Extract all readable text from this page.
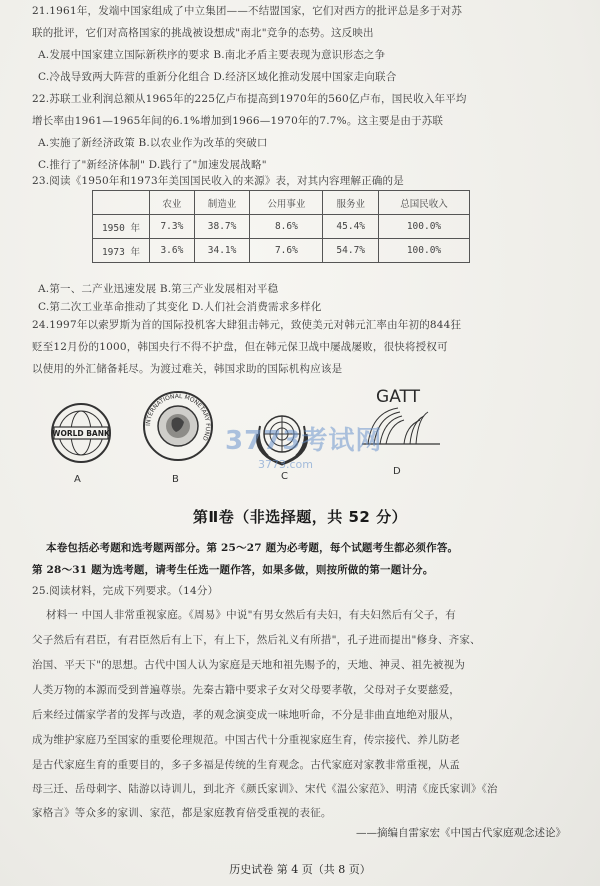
21.1961年，发端中国家组成了中立集团——不结盟国家，它们对西方的批评总是多于对苏
联的批评，它们对高格国家的挑战被设想成"南北"竞争的态势。这反映出
A.发展中国家建立国际新秩序的要求 B.南北矛盾主要表现为意识形态之争
C.冷战导致两大阵营的重新分化组合 D.经济区域化推动发展中国家走向联合
22.苏联工业利润总额从1965年的225亿卢布提高到1970年的560亿卢布，国民收入年平均
增长率由1961—1965年间的6.1%增加到1966—1970年的7.7%。这主要是由于苏联
A.实施了新经济政策 B.以农业作为改革的突破口
C.推行了"新经济体制" D.践行了"加速发展战略"
23.阅读《1950年和1973年美国国民收入的来源》表，对其内容理解正确的是
	农业	制造业	公用事业	服务业	总国民收入
1950 年	7.3%	38.7%	8.6%	45.4%	100.0%
1973 年	3.6%	34.1%	7.6%	54.7%	100.0%
A.第一、二产业迅速发展 B.第三产业发展相对平稳
C.第二次工业革命推动了其变化 D.人们社会消费需求多样化
24.1997年以索罗斯为首的国际投机客大肆狙击韩元，致使美元对韩元汇率由年初的844狂
贬至12月份的1000，韩国央行不得不护盘，但在韩元保卫战中屡战屡败，很快将授权可
以使用的外汇储备耗尽。为渡过难关，韩国求助的国际机构应该是
WORLD BANK
A
INTERNATIONAL MONETARY FUND
B	C
GATT
D
3773考试网
3773.com
第Ⅱ卷（非选择题，共 52 分）
本卷包括必考题和选考题两部分。第 25～27 题为必考题，每个试题考生都必须作答。
第 28～31 题为选考题，请考生任选一题作答，如果多做，则按所做的第一题计分。
25.阅读材料，完成下列要求。（14分）
材料一 中国人非常重视家庭。《周易》中说"有男女然后有夫妇，有夫妇然后有父子，有
父子然后有君臣，有君臣然后有上下，有上下，然后礼义有所措"，孔子进而提出"修身、齐家、
治国、平天下"的思想。古代中国人认为家庭是天地和祖先赐予的，天地、神灵、祖先被视为
人类万物的本源而受到普遍尊崇。先秦古籍中要求子女对父母要孝敬，父母对子女要慈爱，
后来经过儒家学者的发挥与改造，孝的观念演变成一味地听命，不分是非曲直地绝对服从，
成为维护家庭乃至国家的重要伦理规范。中国古代十分重视家庭生育，传宗接代、养儿防老
是古代家庭生育的重要目的，多子多福是传统的生育观念。古代家庭对家教非常重视，从孟
母三迁、岳母刺字、陆游以诗训儿，到北齐《颜氏家训》、宋代《温公家范》、明清《庞氏家训》《治
家格言》等众多的家训、家范，都是家庭教育倍受重视的表征。
——摘编自雷家宏《中国古代家庭观念述论》
历史试卷 第 4 页（共 8 页）
